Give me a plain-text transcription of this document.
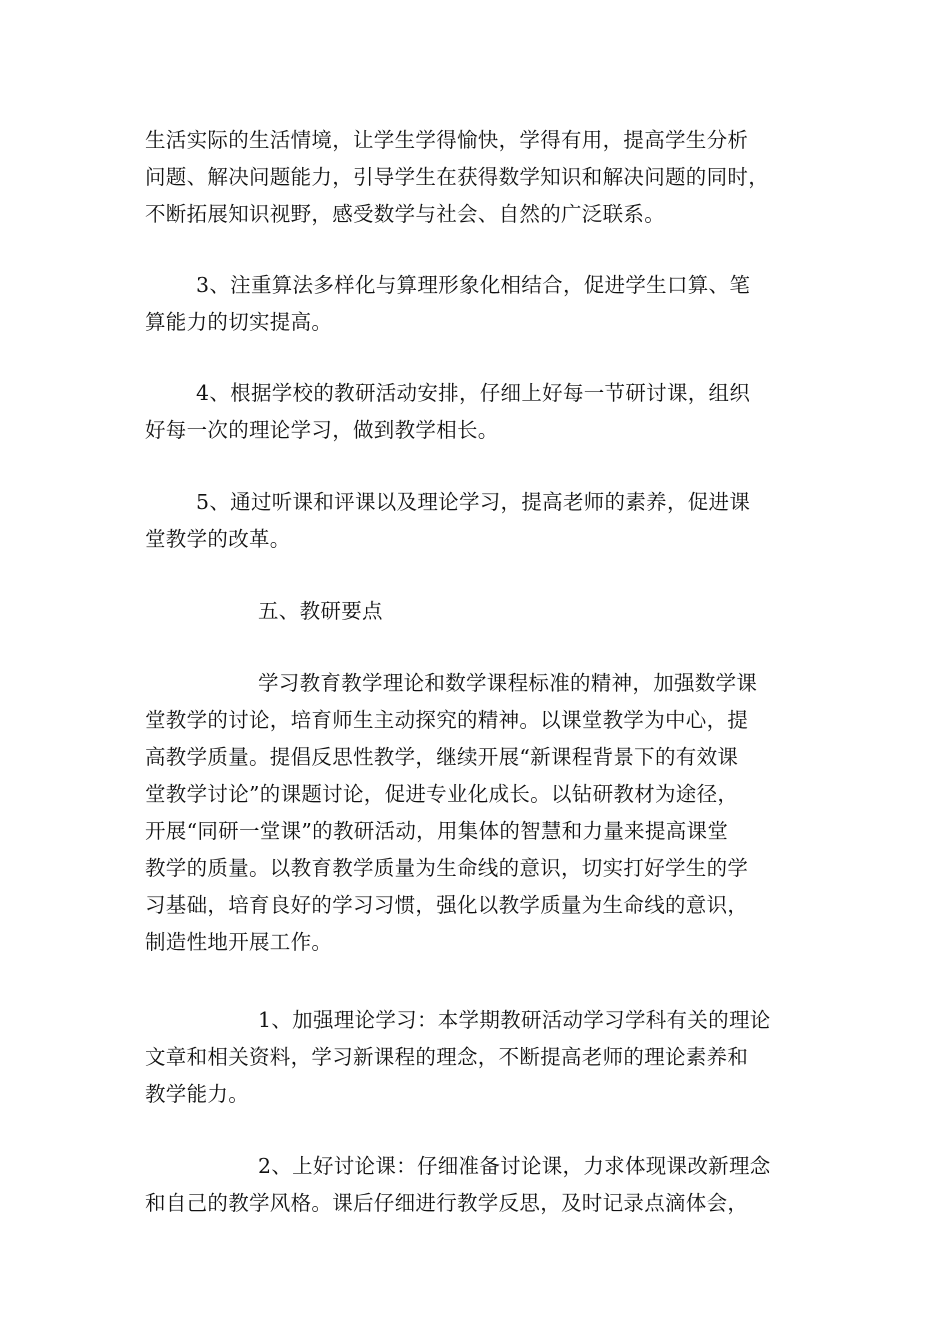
生活实际的生活情境，让学生学得愉快，学得有用，提高学生分析
问题、解决问题能力，引导学生在获得数学知识和解决问题的同时，
不断拓展知识视野，感受数学与社会、自然的广泛联系。
3、注重算法多样化与算理形象化相结合，促进学生口算、笔
算能力的切实提高。
4、根据学校的教研活动安排，仔细上好每一节研讨课，组织
好每一次的理论学习，做到教学相长。
5、通过听课和评课以及理论学习，提高老师的素养，促进课
堂教学的改革。
五、教研要点
学习教育教学理论和数学课程标准的精神，加强数学课
堂教学的讨论，培育师生主动探究的精神。以课堂教学为中心，提
高教学质量。提倡反思性教学，继续开展“新课程背景下的有效课
堂教学讨论”的课题讨论，促进专业化成长。以钻研教材为途径，
开展“同研一堂课”的教研活动，用集体的智慧和力量来提高课堂
教学的质量。以教育教学质量为生命线的意识，切实打好学生的学
习基础，培育良好的学习习惯，强化以教学质量为生命线的意识，
制造性地开展工作。
1、加强理论学习：本学期教研活动学习学科有关的理论
文章和相关资料，学习新课程的理念，不断提高老师的理论素养和
教学能力。
2、上好讨论课：仔细准备讨论课，力求体现课改新理念
和自己的教学风格。课后仔细进行教学反思，及时记录点滴体会，
